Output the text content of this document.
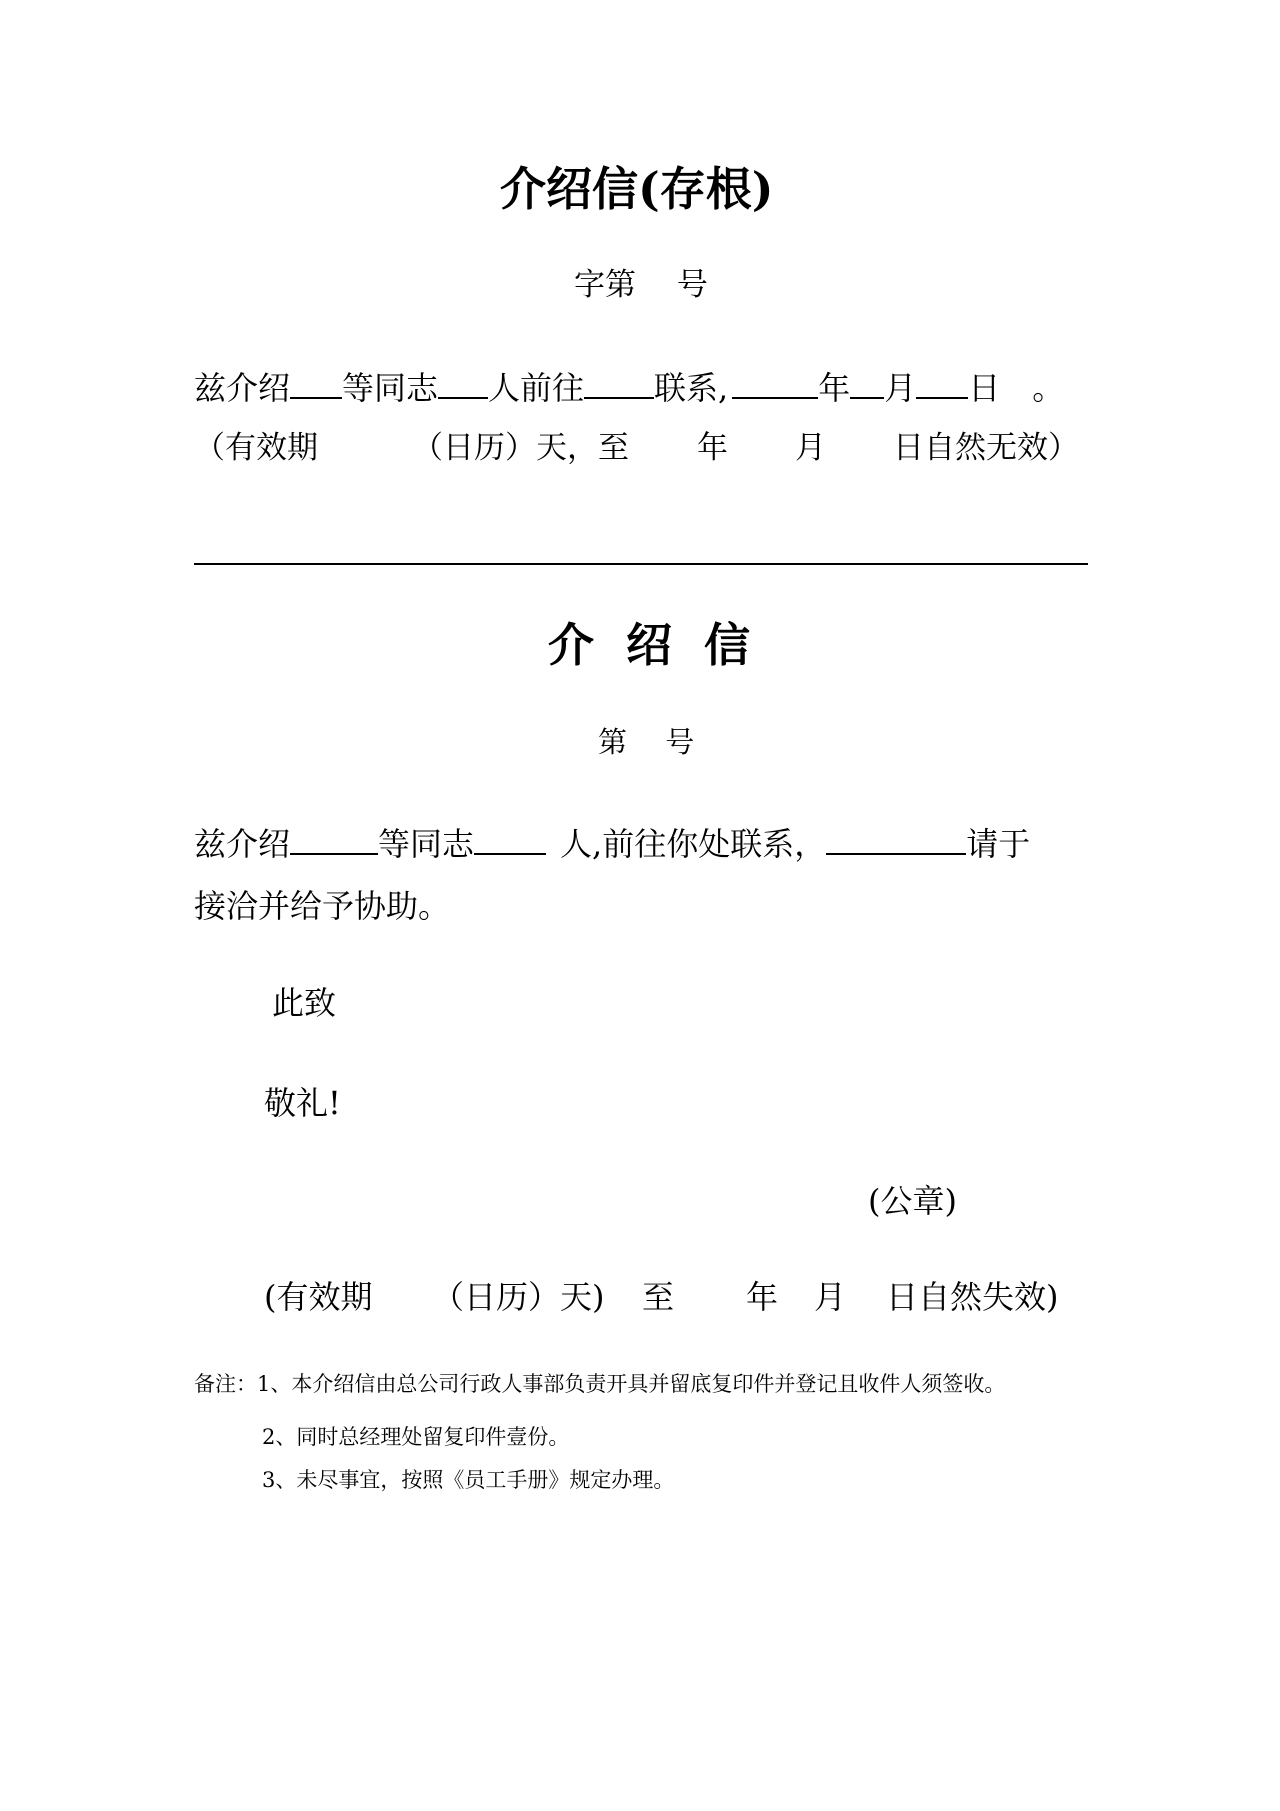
介绍信(存根)
字第　 号
兹介绍 等同志 人前往 联系,	年 月 日　。
（有效期	（日历）天，至 年 月 日自然无效）
介 绍 信
第　 号
兹介绍	等同志	人,前往你处联系，	请于
接洽并给予协助。
此致
敬礼!
(公章)
(有效期 （日历）天) 至 年 月 日自然失效)
备注：1、本介绍信由总公司行政人事部负责开具并留底复印件并登记且收件人须签收。
2、同时总经理处留复印件壹份。
3、未尽事宜，按照《员工手册》规定办理。
